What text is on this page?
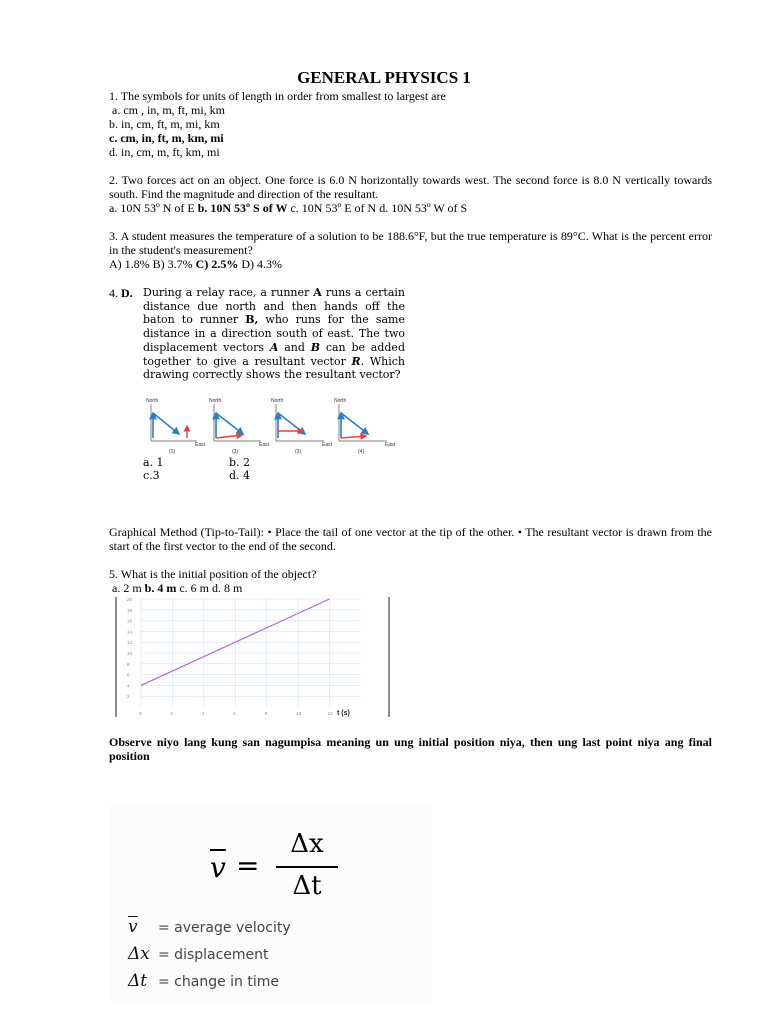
GENERAL PHYSICS 1
1. The symbols for units of length in order from smallest to largest are
a. cm , in, m, ft, mi, km
b. in, cm, ft, m, mi, km
c. cm, in, ft, m, km, mi
d. in, cm, m, ft, km, mi
2. Two forces act on an object. One force is 6.0 N horizontally towards west. The second force is 8.0 N vertically towards south. Find the magnitude and direction of the resultant.
a. 10N 53º N of E b. 10N 53º S of W c. 10N 53º E of N d. 10N 53º W of S
3. A student measures the temperature of a solution to be 188.6°F, but the true temperature is 89°C. What is the percent error in the student's measurement?
A) 1.8% B) 3.7% C) 2.5% D) 4.3%
4. D. During a relay race, a runner A runs a certain distance due north and then hands off the baton to runner B, who runs for the same distance in a direction south of east. The two displacement vectors A and B can be added together to give a resultant vector R. Which drawing correctly shows the resultant vector?
North
East
(1)
North
East
(2)
North
East
(3)
North
East
(4)
a. 1	b. 2
c.3	d. 4
Graphical Method (Tip-to-Tail): • Place the tail of one vector at the tip of the other. • The resultant vector is drawn from the start of the first vector to the end of the second.
5. What is the initial position of the object?
a. 2 m b. 4 m c. 6 m d. 8 m
2
4
6
8
10
12
14
16
18
20
0	2	4	6	8	10	12 t (s)
Observe niyo lang kung san nagumpisa meaning un ung initial position niya, then ung last point niya ang final position
$\overline{v}$ =
Δx
Δt
$\overline{v}$ = average velocity
Δx = displacement
Δt = change in time
